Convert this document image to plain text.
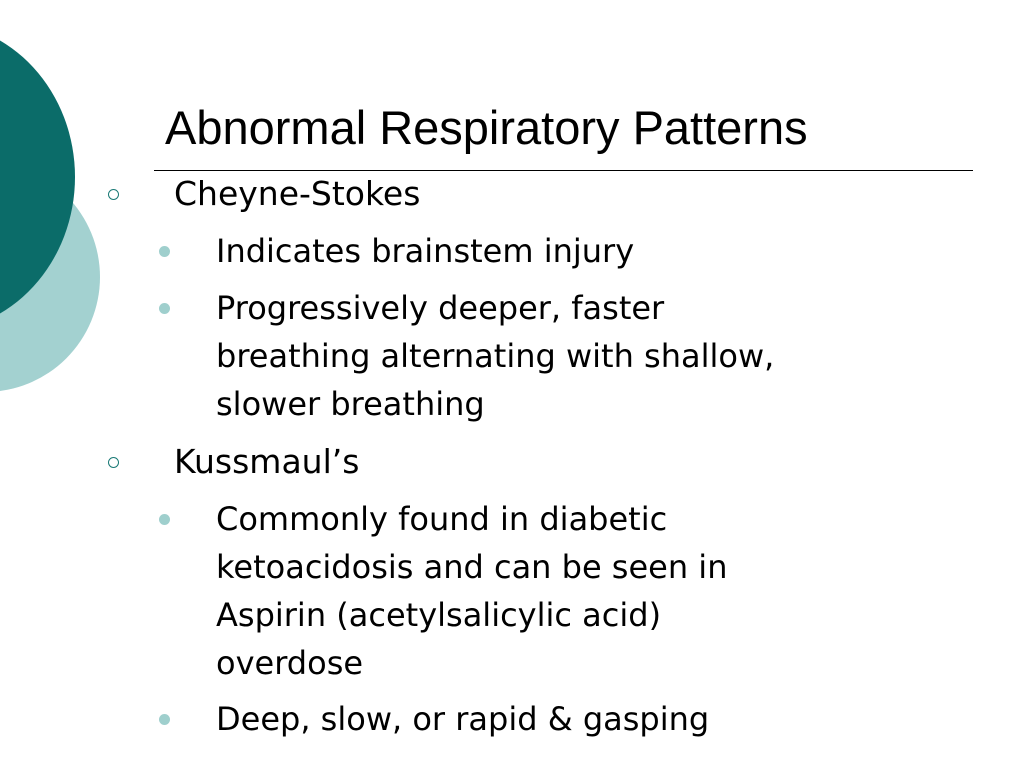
Abnormal Respiratory Patterns
Cheyne-Stokes
Indicates brainstem injury
Progressively deeper, faster
breathing alternating with shallow,
slower breathing
Kussmaul’s
Commonly found in diabetic
ketoacidosis and can be seen in
Aspirin (acetylsalicylic acid)
overdose
Deep, slow, or rapid & gasping
